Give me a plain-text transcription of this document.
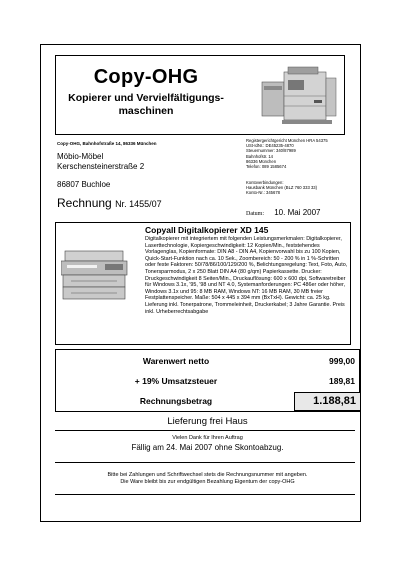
Copy-OHG
Kopierer und Vervielfältigungs-
maschinen
Copy-OHG, Bahnhofstraße 14, 86336 München
Registergerichtgericht München HRA 54375
USt-IdNr.: DE45235-4870
Steuernummer: 340/87989
Bahnhofstr. 14
86336 München
Telefon: 089 1585674
Möbio-Möbel
Kerschensteinerstraße 2
86807 Buchloe	Kontoverbindungen:
Hausbank München (BLZ 760 333 33)
Konto-Nr.: 345678
Rechnung Nr. 1455/07
Datum: 10. Mai 2007
Copyall Digitalkopierer XD 145
Digitalkopierer mit integriertem mit folgenden Leistungsmerkmalen: Digitalkopierer, Laserttechnologie, Kopiergeschwindigkeit: 12 Kopien/Min., feststehendes Vorlagenglas, Kopienformate: DIN A8 - DIN A4, Kopienvorwahl bis zu 100 Kopien, Quick-Start-Funktion nach ca. 10 Sek., Zoombereich: 50 - 200 % in 1 %-Schritten oder feste Faktoren: 50/78/86/100/129/200 %, Belichtungsregelung: Text, Foto, Auto, Tonersparmodus, 2 x 250 Blatt DIN A4 (80 g/qm) Papierkassette. Drucker: Druckgeschwindigkeit 8 Seiten/Min., Druckauflösung: 600 x 600 dpi, Softwaretreiber für Windows 3.1x, '95, '98 und NT 4.0, Systemanforderungen: PC 486er oder höher, Windows 3.1x und 95: 8 MB RAM, Windows NT: 16 MB RAM, 30 MB freier Festplattenspeicher. Maße: 504 x 445 x 394 mm (BxTxH). Gewicht: ca. 25 kg. Lieferung inkl. Tonerpatrone, Trommeleinheit, Druckerkabel; 3 Jahre Garantie. Preis inkl. Urheberrechtsabgabe
Warenwert netto	999,00
+ 19% Umsatzsteuer	189,81
Rechnungsbetrag	1.188,81
Lieferung frei Haus
Vielen Dank für Ihren Auftrag
Fällig am 24. Mai 2007 ohne Skontoabzug.
Bitte bei Zahlungen und Schriftwechsel stets die Rechnungsnummer mit angeben.
Die Ware bleibt bis zur endgültigen Bezahlung Eigentum der copy-OHG
